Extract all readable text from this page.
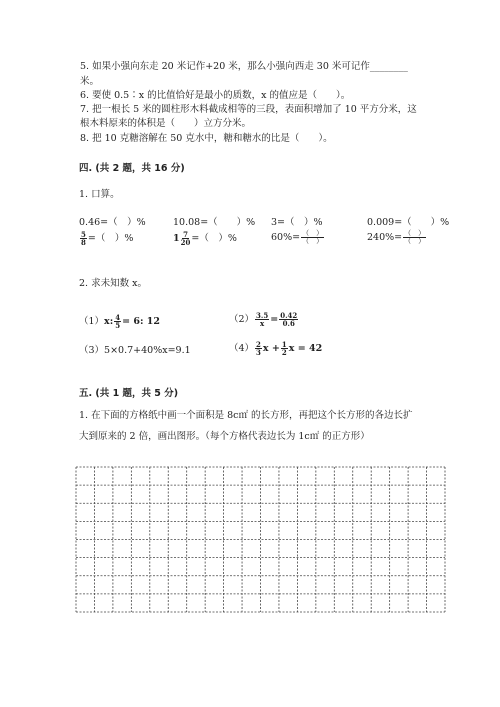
5. 如果小强向东走 20 米记作+20 米，那么小强向西走 30 米可记作________
米。
6. 要使 0.5∶x 的比值恰好是最小的质数，x 的值应是（　　）。
7. 把一根长 5 米的圆柱形木料截成相等的三段，表面积增加了 10 平方分米，这
根木料原来的体积是（　　）立方分米。
8. 把 10 克糖溶解在 50 克水中，糖和糖水的比是（　　）。
四. (共 2 题，共 16 分)
1. 口算。
0.46=（　）%	10.08=（　　）% 3=（　）%	0.009=（　　）%
$\frac{5}{8}$ =（　）%	$1 \frac{7}{20}$ =（　）%	$60\%= \frac{( )}{( )}$	$240\%= \frac{( )}{( )}$
2. 求未知数 x。
（1）x: $\frac{4}{5} = 6$: 12	$(2) \frac{3.5}{x} = \frac{0.42}{0.6}$
（3）5×0.7+40%x=9.1	$(4) \frac{2}{3}$ $x + \frac{1}{2}$ x = 42
五. (共 1 题，共 5 分)
1. 在下面的方格纸中画一个面积是 8c㎡ 的长方形，再把这个长方形的各边长扩
大到原来的 2 倍，画出图形。（每个方格代表边长为 1c㎡ 的正方形）
